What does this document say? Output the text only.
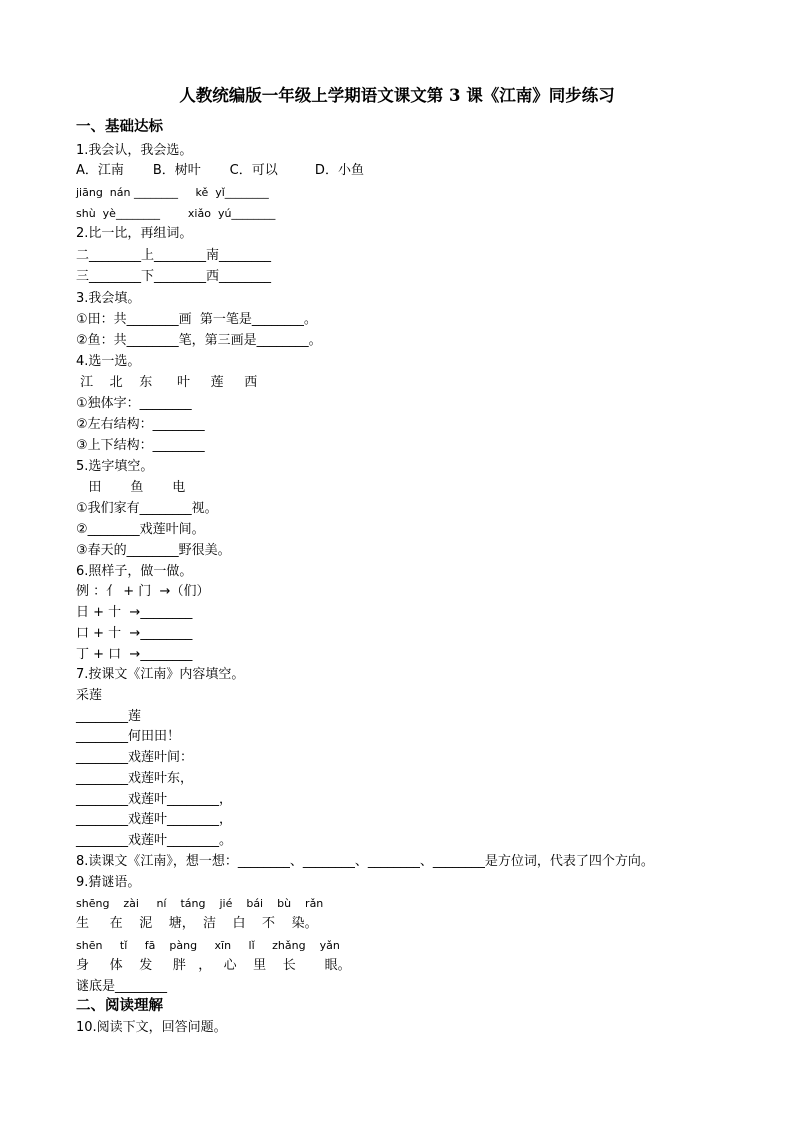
人教统编版一年级上学期语文课文第 3 课《江南》同步练习
一、基础达标
1.我会认，我会选。
A．江南       B．树叶       C．可以         D．小鱼
jiāng  nán ________     kě  yǐ________
shù  yè________        xiǎo  yú________
2.比一比，再组词。
二________上________南________
三________下________西________
3.我会填。
①田：共________画  第一笔是________。
②鱼：共________笔，第三画是________。
4.选一选。
江    北    东      叶     莲     西
①独体字：________
②左右结构：________
③上下结构：________
5.选字填空。
田       鱼       电
①我们家有________视。
②________戏莲叶间。
③春天的________野很美。
6.照样子，做一做。
例 ：亻 + 门  →（们）
日 + 十  →________
口 + 十  →________
丁 + 口  →________
7.按课文《江南》内容填空。
采莲
________莲
________何田田！
________戏莲叶间：
________戏莲叶东，
________戏莲叶________，
________戏莲叶________，
________戏莲叶________。
8.读课文《江南》，想一想：________、________、________、________是方位词，代表了四个方向。
9.猜谜语。
shēng    zài     ní    táng    jié    bái    bù    rǎn
生     在    泥    塘，  洁    白    不    染。
shēn     tǐ     fā    pàng     xīn     lǐ     zhǎng    yǎn
身     体    发     胖   ，   心    里    长       眼。
谜底是________
二、阅读理解
10.阅读下文，回答问题。
